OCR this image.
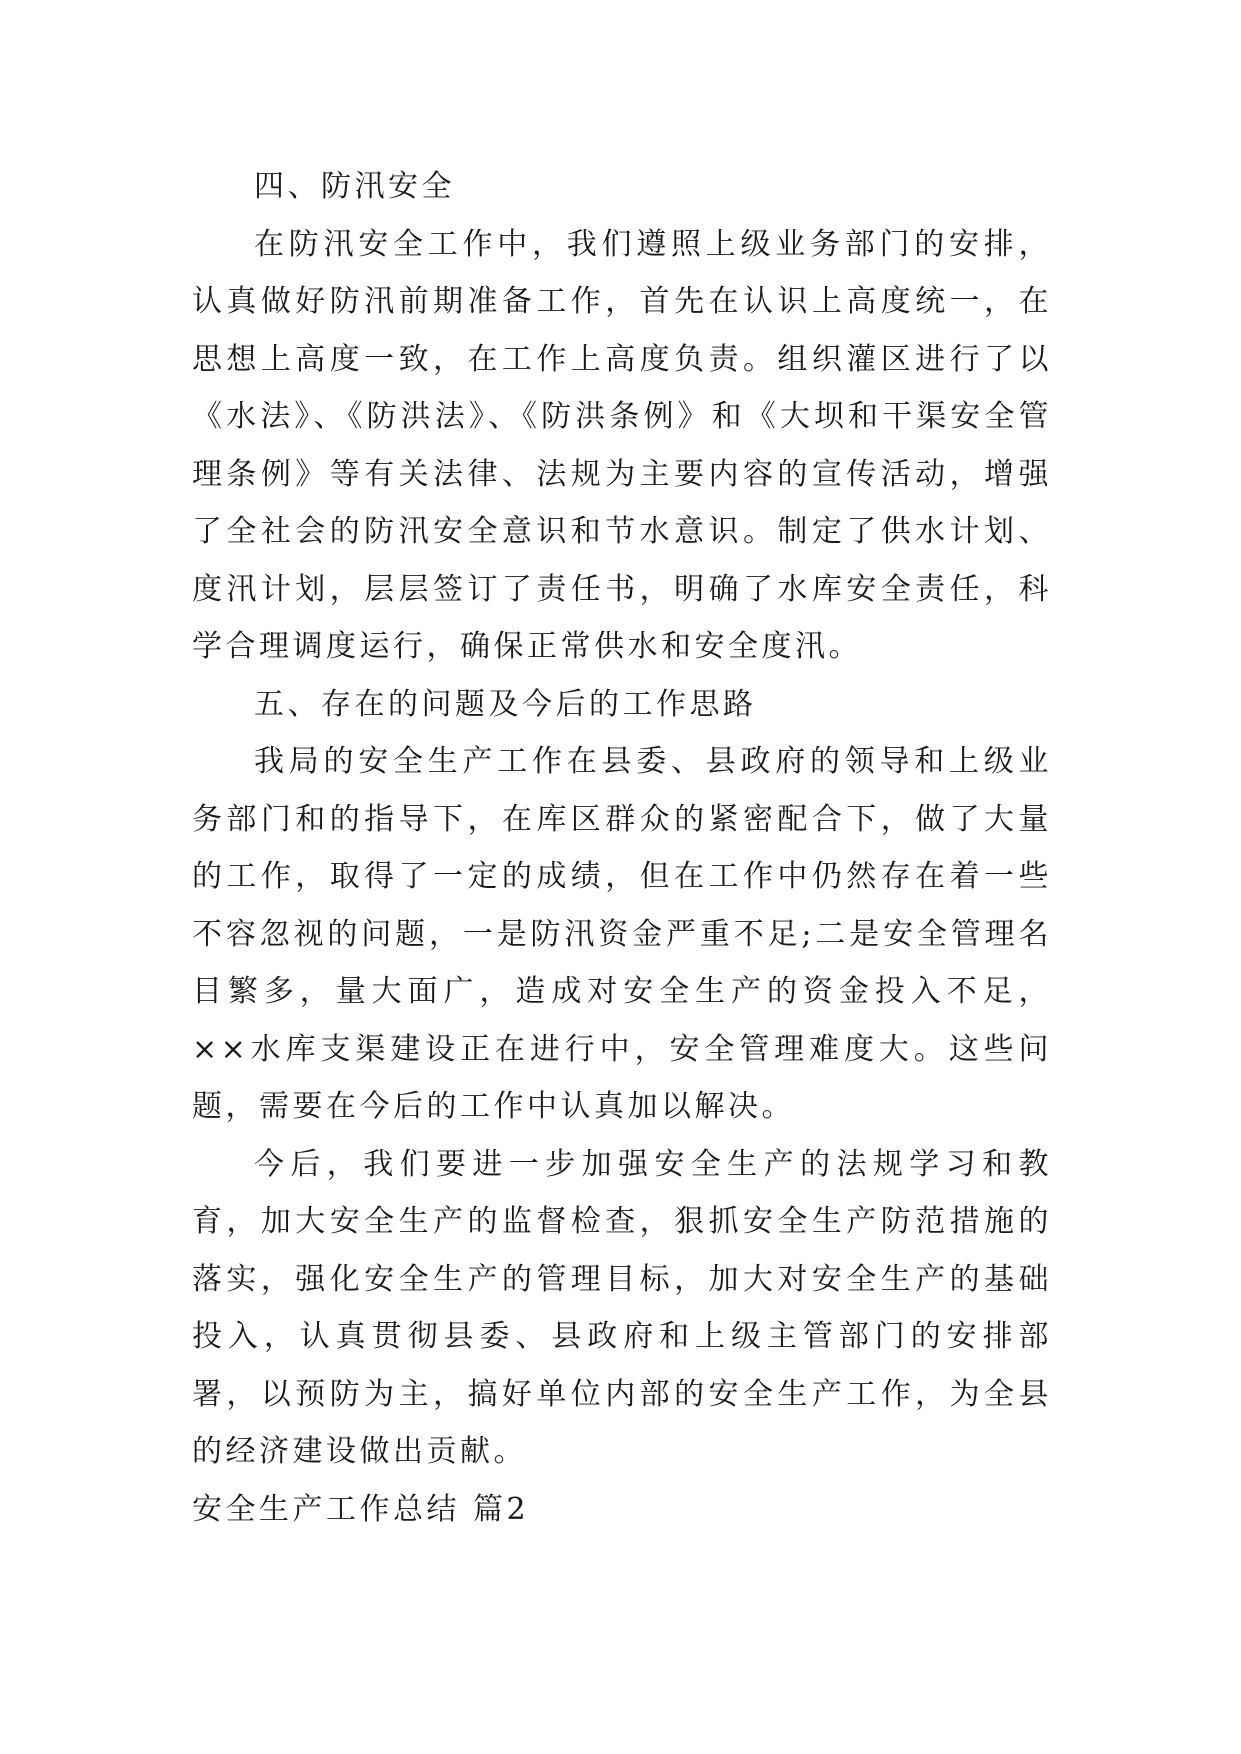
四、防汛安全

在防汛安全工作中，我们遵照上级业务部门的安排，认真做好防汛前期准备工作，首先在认识上高度统一，在思想上高度一致，在工作上高度负责。组织灌区进行了以《水法》、《防洪法》、《防洪条例》和《大坝和干渠安全管理条例》等有关法律、法规为主要内容的宣传活动，增强了全社会的防汛安全意识和节水意识。制定了供水计划、度汛计划，层层签订了责任书，明确了水库安全责任，科学合理调度运行，确保正常供水和安全度汛。

五、存在的问题及今后的工作思路

我局的安全生产工作在县委、县政府的领导和上级业务部门和的指导下，在库区群众的紧密配合下，做了大量的工作，取得了一定的成绩，但在工作中仍然存在着一些不容忽视的问题，一是防汛资金严重不足;二是安全管理名目繁多，量大面广，造成对安全生产的资金投入不足，××水库支渠建设正在进行中，安全管理难度大。这些问题，需要在今后的工作中认真加以解决。

今后，我们要进一步加强安全生产的法规学习和教育，加大安全生产的监督检查，狠抓安全生产防范措施的落实，强化安全生产的管理目标，加大对安全生产的基础投入，认真贯彻县委、县政府和上级主管部门的安排部署，以预防为主，搞好单位内部的安全生产工作，为全县的经济建设做出贡献。

安全生产工作总结 篇2
